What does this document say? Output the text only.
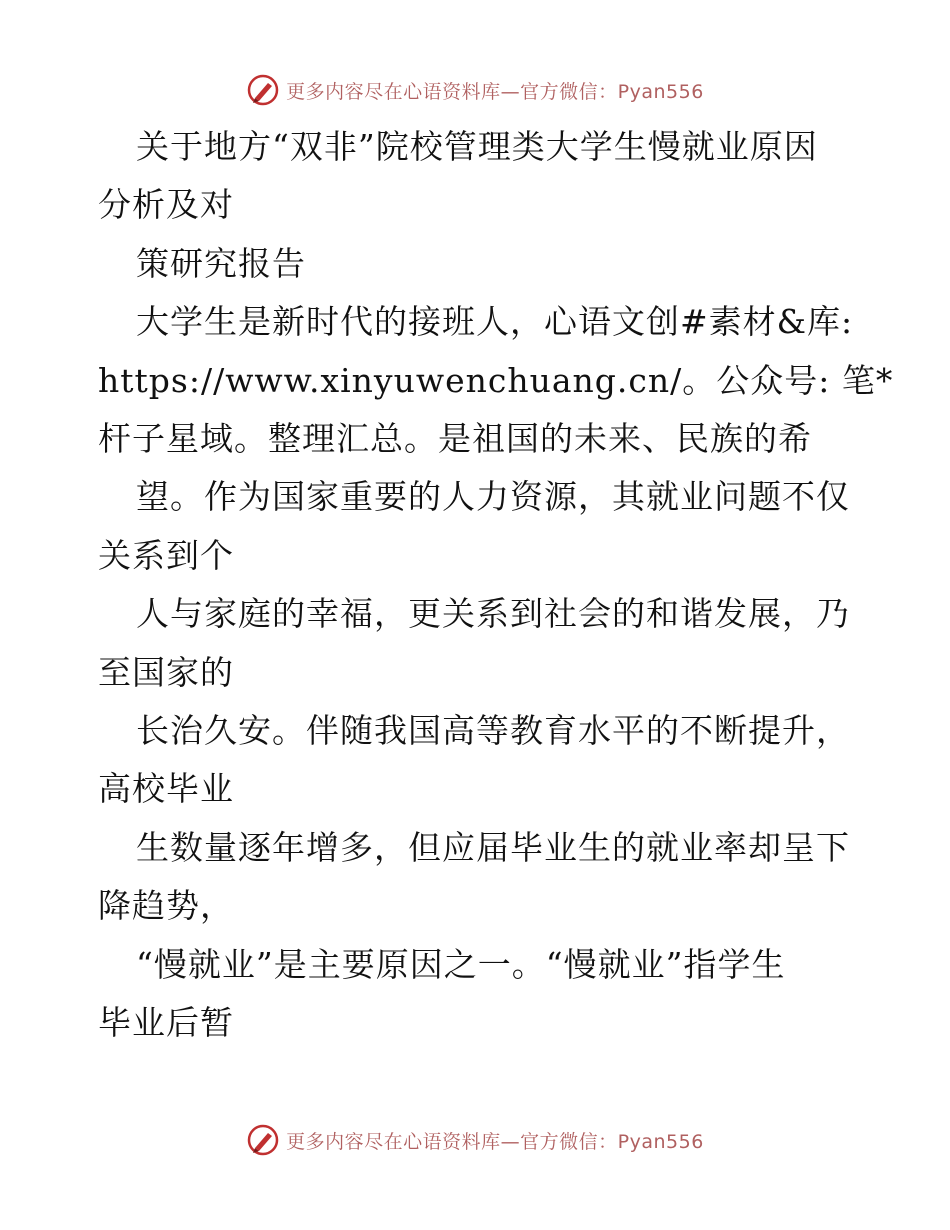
更多内容尽在心语资料库—官方微信：Pyan556

关于地方“双非”院校管理类大学生慢就业原因

分析及对

策研究报告

大学生是新时代的接班人，心语文创#素材&库:

https://www.xinyuwenchuang.cn/。公众号: 笔*

杆子星域。整理汇总。是祖国的未来、民族的希

望。作为国家重要的人力资源，其就业问题不仅

关系到个

人与家庭的幸福，更关系到社会的和谐发展，乃

至国家的

长治久安。伴随我国高等教育水平的不断提升，

高校毕业

生数量逐年增多，但应届毕业生的就业率却呈下

降趋势，

“慢就业”是主要原因之一。“慢就业”指学生

毕业后暂

更多内容尽在心语资料库—官方微信：Pyan556
